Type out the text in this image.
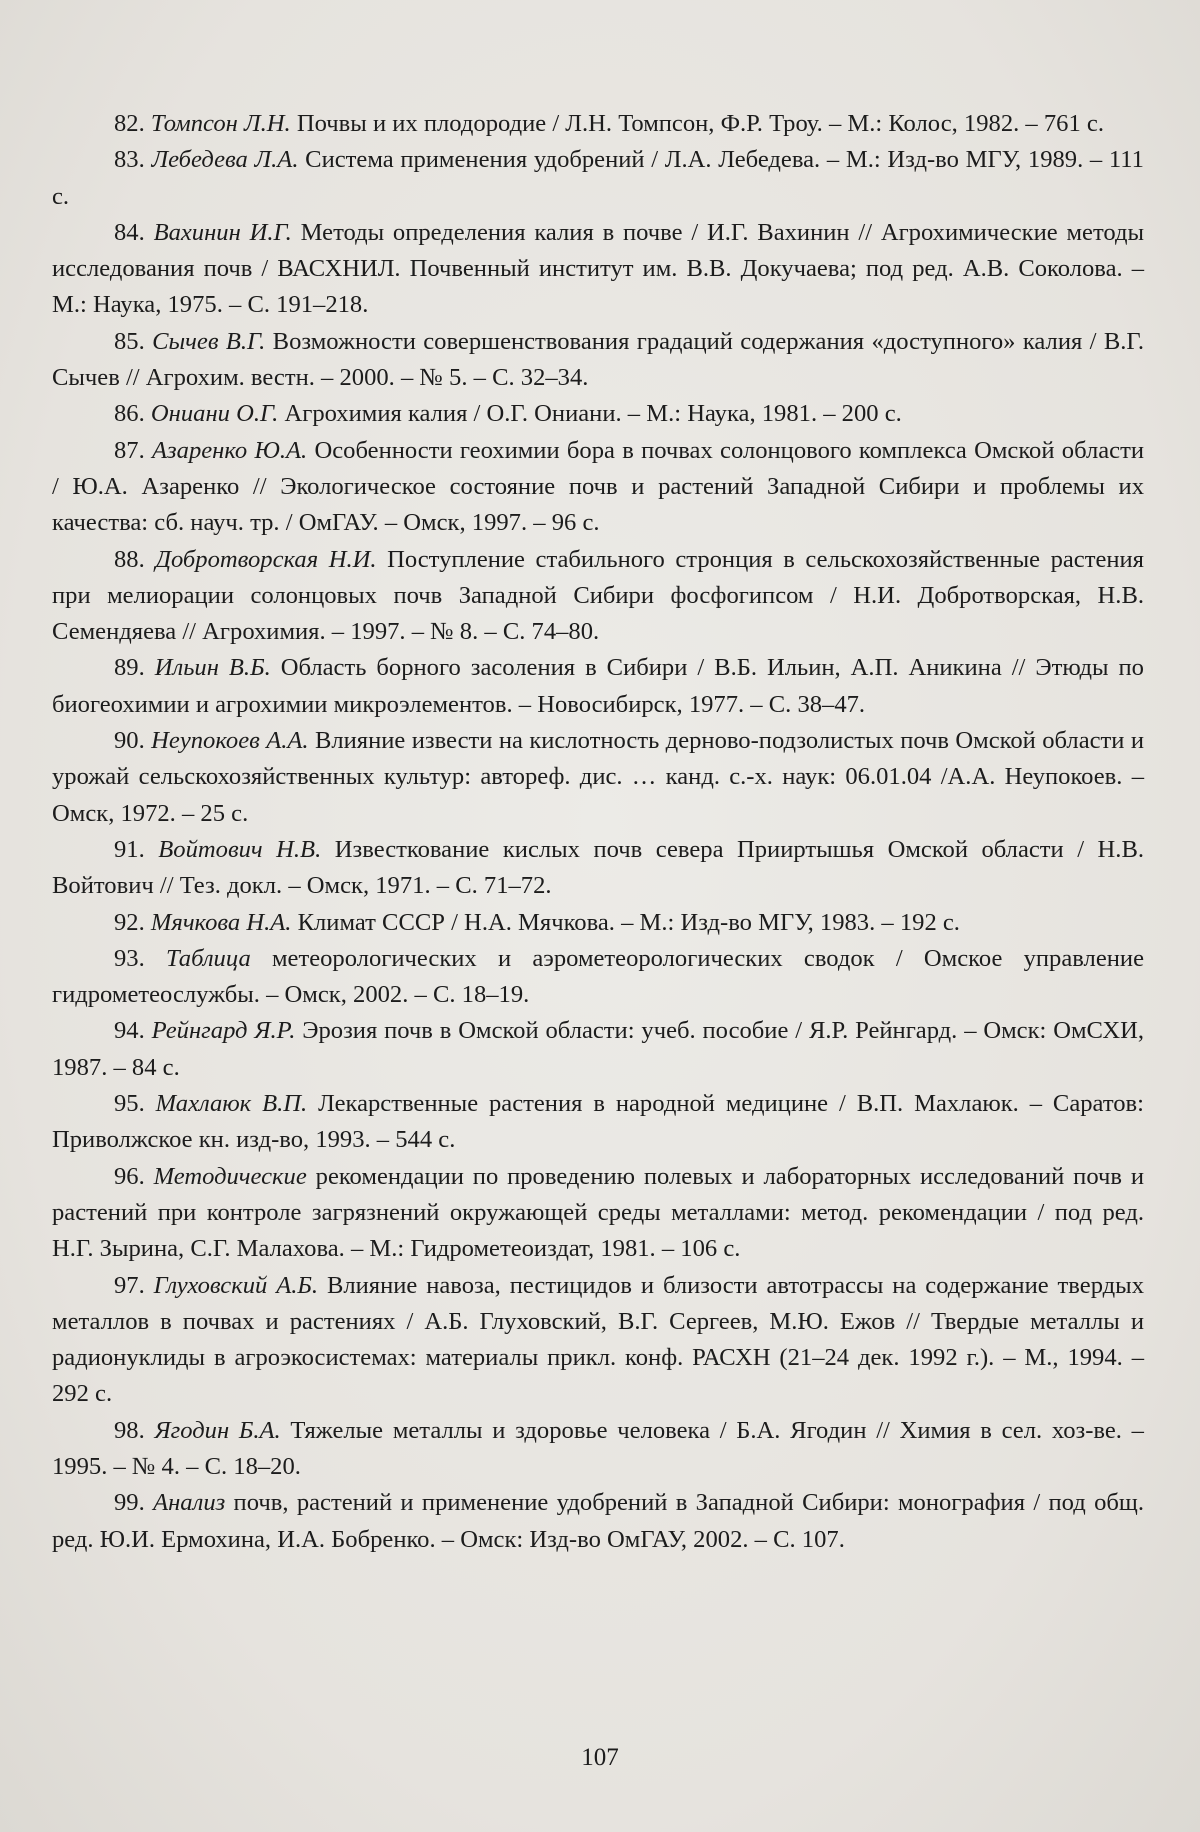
82. Томпсон Л.Н. Почвы и их плодородие / Л.Н. Томпсон, Ф.Р. Троу. – М.: Колос, 1982. – 761 с.
83. Лебедева Л.А. Система применения удобрений / Л.А. Лебедева. – М.: Изд-во МГУ, 1989. – 111 с.
84. Вахинин И.Г. Методы определения калия в почве / И.Г. Вахинин // Агрохимические методы исследования почв / ВАСХНИЛ. Почвенный институт им. В.В. Докучаева; под ред. А.В. Соколова. – М.: Наука, 1975. – С. 191–218.
85. Сычев В.Г. Возможности совершенствования градаций содержания «доступного» калия / В.Г. Сычев // Агрохим. вестн. – 2000. – № 5. – С. 32–34.
86. Ониани О.Г. Агрохимия калия / О.Г. Ониани. – М.: Наука, 1981. – 200 с.
87. Азаренко Ю.А. Особенности геохимии бора в почвах солонцового комплекса Омской области / Ю.А. Азаренко // Экологическое состояние почв и растений Западной Сибири и проблемы их качества: сб. науч. тр. / ОмГАУ. – Омск, 1997. – 96 с.
88. Добротворская Н.И. Поступление стабильного стронция в сельскохозяйственные растения при мелиорации солонцовых почв Западной Сибири фосфогипсом / Н.И. Добротворская, Н.В. Семендяева // Агрохимия. – 1997. – № 8. – С. 74–80.
89. Ильин В.Б. Область борного засоления в Сибири / В.Б. Ильин, А.П. Аникина // Этюды по биогеохимии и агрохимии микроэлементов. – Новосибирск, 1977. – С. 38–47.
90. Неупокоев А.А. Влияние извести на кислотность дерново-подзолистых почв Омской области и урожай сельскохозяйственных культур: автореф. дис. … канд. с.-х. наук: 06.01.04 /А.А. Неупокоев. – Омск, 1972. – 25 с.
91. Войтович Н.В. Известкование кислых почв севера Прииртышья Омской области / Н.В. Войтович // Тез. докл. – Омск, 1971. – С. 71–72.
92. Мячкова Н.А. Климат СССР / Н.А. Мячкова. – М.: Изд-во МГУ, 1983. – 192 с.
93. Таблица метеорологических и аэрометеорологических сводок / Омское управление гидрометеослужбы. – Омск, 2002. – С. 18–19.
94. Рейнгард Я.Р. Эрозия почв в Омской области: учеб. пособие / Я.Р. Рейнгард. – Омск: ОмСХИ, 1987. – 84 с.
95. Махлаюк В.П. Лекарственные растения в народной медицине / В.П. Махлаюк. – Саратов: Приволжское кн. изд-во, 1993. – 544 с.
96. Методические рекомендации по проведению полевых и лабораторных исследований почв и растений при контроле загрязнений окружающей среды металлами: метод. рекомендации / под ред. Н.Г. Зырина, С.Г. Малахова. – М.: Гидрометеоиздат, 1981. – 106 с.
97. Глуховский А.Б. Влияние навоза, пестицидов и близости автотрассы на содержание твердых металлов в почвах и растениях / А.Б. Глуховский, В.Г. Сергеев, М.Ю. Ежов // Твердые металлы и радионуклиды в агроэкосистемах: материалы прикл. конф. РАСХН (21–24 дек. 1992 г.). – М., 1994. – 292 с.
98. Ягодин Б.А. Тяжелые металлы и здоровье человека / Б.А. Ягодин // Химия в сел. хоз-ве. – 1995. – № 4. – С. 18–20.
99. Анализ почв, растений и применение удобрений в Западной Сибири: монография / под общ. ред. Ю.И. Ермохина, И.А. Бобренко. – Омск: Изд-во ОмГАУ, 2002. – С. 107.
107
